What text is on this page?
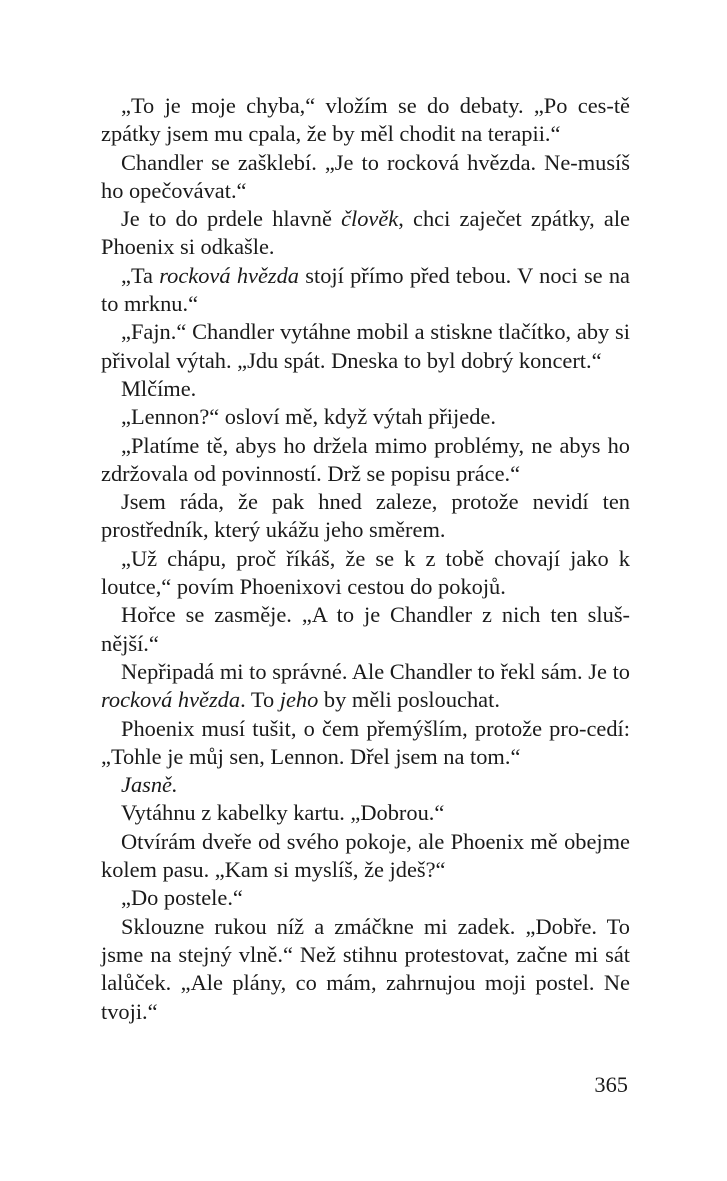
„To je moje chyba,“ vložím se do debaty. „Po ces-tě zpátky jsem mu cpala, že by měl chodit na terapii.“

Chandler se zašklebí. „Je to rocková hvězda. Ne-musíš ho opečovávat.“

Je to do prdele hlavně člověk, chci zaječet zpátky, ale Phoenix si odkašle.

„Ta rocková hvězda stojí přímo před tebou. V noci se na to mrknu.“

„Fajn.“ Chandler vytáhne mobil a stiskne tlačítko, aby si přivolal výtah. „Jdu spát. Dneska to byl dobrý koncert.“

Mlčíme.

„Lennon?“ osloví mě, když výtah přijede.

„Platíme tě, abys ho držela mimo problémy, ne abys ho zdržovala od povinností. Drž se popisu práce.“

Jsem ráda, že pak hned zaleze, protože nevidí ten prostředník, který ukážu jeho směrem.

„Už chápu, proč říkáš, že se k z tobě chovají jako k loutce,“ povím Phoenixovi cestou do pokojů.

Hořce se zasměje. „A to je Chandler z nich ten sluš-nější.“

Nepřipadá mi to správné. Ale Chandler to řekl sám. Je to rocková hvězda. To jeho by měli poslouchat.

Phoenix musí tušit, o čem přemýšlím, protože pro-cedí: „Tohle je můj sen, Lennon. Dřel jsem na tom.“

Jasně.

Vytáhnu z kabelky kartu. „Dobrou.“

Otvírám dveře od svého pokoje, ale Phoenix mě obejme kolem pasu. „Kam si myslíš, že jdeš?“

„Do postele.“

Sklouzne rukou níž a zmáčkne mi zadek. „Dobře. To jsme na stejný vlně.“ Než stihnu protestovat, začne mi sát lalůček. „Ale plány, co mám, zahrnujou moji postel. Ne tvoji.“

365
